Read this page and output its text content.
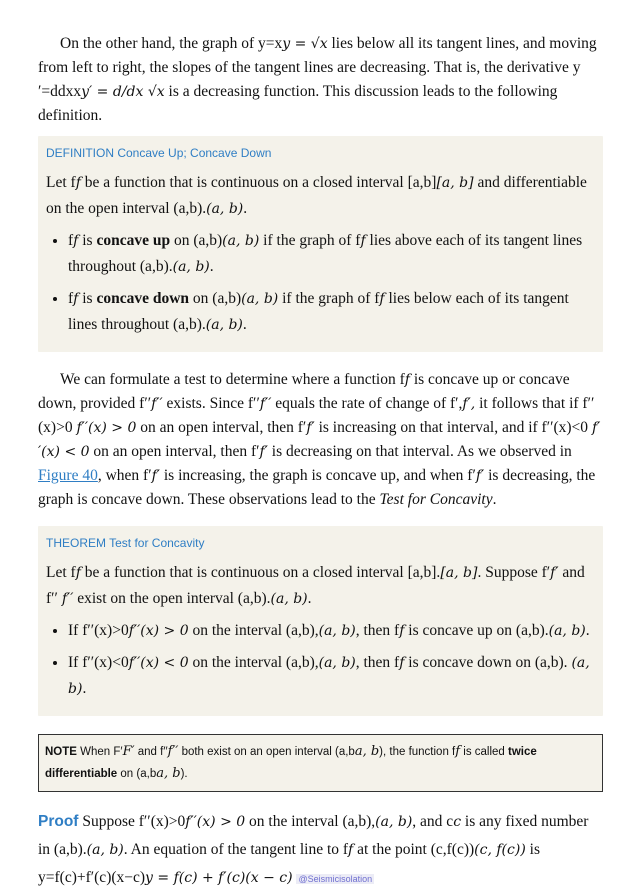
On the other hand, the graph of y=xy = √x lies below all its tangent lines, and moving from left to right, the slopes of the tangent lines are decreasing. That is, the derivative y
′=ddxxy′ = d/dx √x is a decreasing function. This discussion leads to the following definition.

DEFINITION Concave Up; Concave Down

Let ff be a function that is continuous on a closed interval [a,b][a, b] and differentiable on the open interval (a,b).(a, b).

• ff is concave up on (a,b)(a, b) if the graph of ff lies above each of its tangent lines throughout (a,b).(a, b).
• ff is concave down on (a,b)(a, b) if the graph of ff lies below each of its tangent lines throughout (a,b).(a, b).

We can formulate a test to determine where a function ff is concave up or concave down, provided f′′f′′ exists. Since f′′f′′ equals the rate of change of f′,f′, it follows that if f′′(x)>0 f′′(x) > 0 on an open interval, then f′f′ is increasing on that interval, and if f′′(x)<0 f′′(x) < 0 on an open interval, then f′f′ is decreasing on that interval. As we observed in Figure 40, when f′f′ is increasing, the graph is concave up, and when f′f′ is decreasing, the graph is concave down. These observations lead to the Test for Concavity.

THEOREM Test for Concavity

Let ff be a function that is continuous on a closed interval [a,b].[a, b]. Suppose f′f′ and f′′ f′′ exist on the open interval (a,b).(a, b).

• If f′′(x)>0f′′(x) > 0 on the interval (a,b),(a, b), then ff is concave up on (a,b).(a, b).
• If f′′(x)<0f′′(x) < 0 on the interval (a,b),(a, b), then ff is concave down on (a,b). (a, b).
NOTE When F′F′ and f′′f′′ both exist on an open interval (a,ba, b), the function ff is called twice differentiable on (a,ba, b).

Proof Suppose f′′(x)>0f′′(x) > 0 on the interval (a,b),(a, b), and cc is any fixed number in (a,b).(a, b). An equation of the tangent line to ff at the point (c,f(c))(c, f(c)) is
y=f(c)+f′(c)(x−c)y = f(c) + f′(c)(x − c) @Seismicisolation
